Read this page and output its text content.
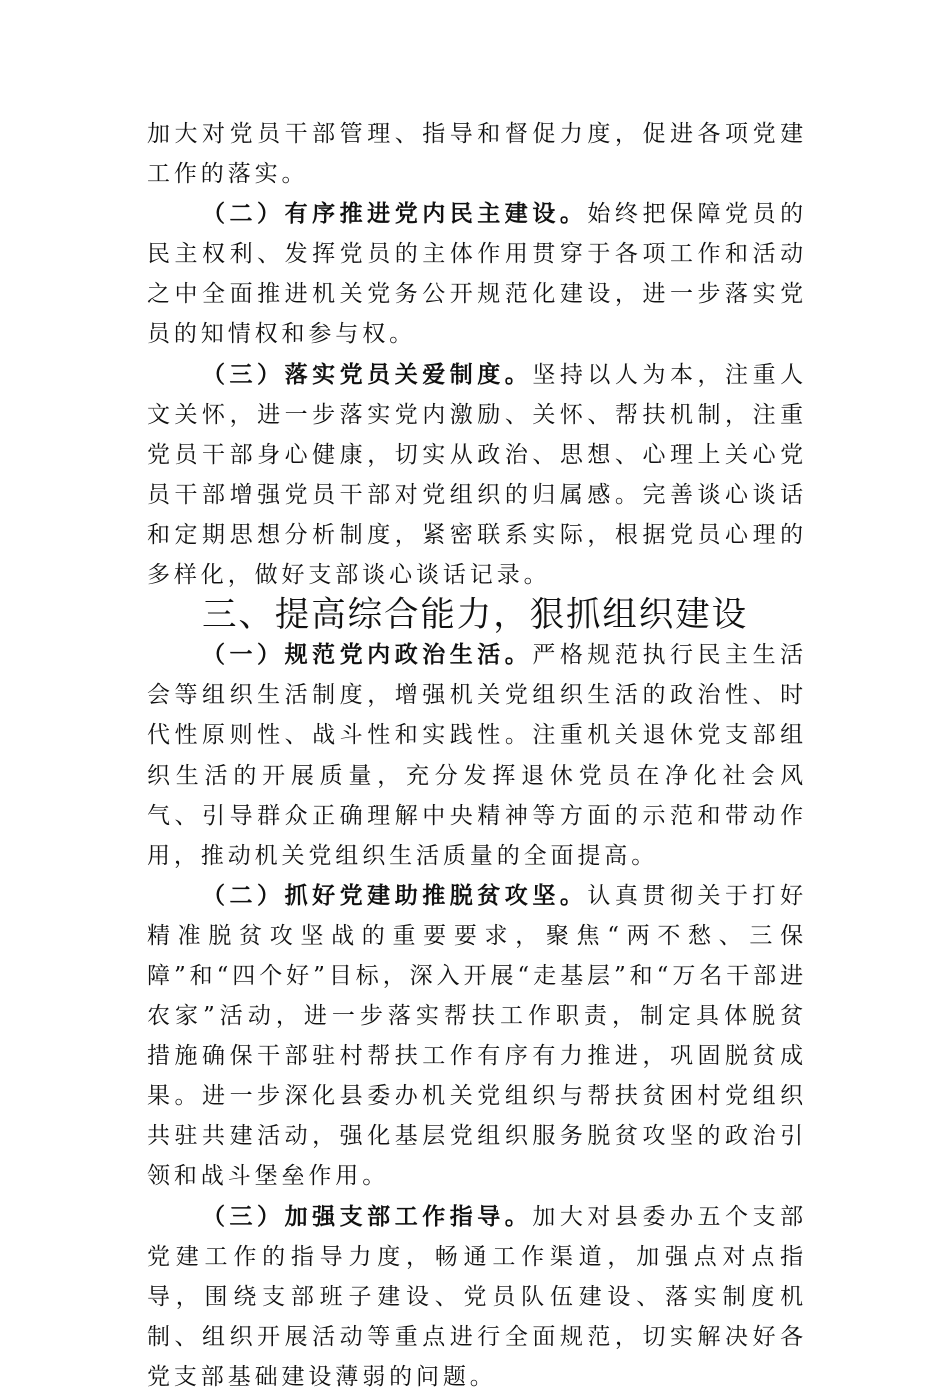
加大对党员干部管理、指导和督促力度，促进各项党建工作的落实。

（二）有序推进党内民主建设。始终把保障党员的民主权利、发挥党员的主体作用贯穿于各项工作和活动之中全面推进机关党务公开规范化建设，进一步落实党员的知情权和参与权。

（三）落实党员关爱制度。坚持以人为本，注重人文关怀，进一步落实党内激励、关怀、帮扶机制，注重党员干部身心健康，切实从政治、思想、心理上关心党员干部增强党员干部对党组织的归属感。完善谈心谈话和定期思想分析制度，紧密联系实际，根据党员心理的多样化，做好支部谈心谈话记录。

三、提高综合能力，狠抓组织建设

（一）规范党内政治生活。严格规范执行民主生活会等组织生活制度，增强机关党组织生活的政治性、时代性原则性、战斗性和实践性。注重机关退休党支部组织生活的开展质量，充分发挥退休党员在净化社会风气、引导群众正确理解中央精神等方面的示范和带动作用，推动机关党组织生活质量的全面提高。

（二）抓好党建助推脱贫攻坚。认真贯彻关于打好精准脱贫攻坚战的重要要求，聚焦“两不愁、三保障”和“四个好”目标，深入开展“走基层”和“万名干部进农家”活动，进一步落实帮扶工作职责，制定具体脱贫措施确保干部驻村帮扶工作有序有力推进，巩固脱贫成果。进一步深化县委办机关党组织与帮扶贫困村党组织共驻共建活动，强化基层党组织服务脱贫攻坚的政治引领和战斗堡垒作用。

（三）加强支部工作指导。加大对县委办五个支部党建工作的指导力度，畅通工作渠道，加强点对点指导，围绕支部班子建设、党员队伍建设、落实制度机制、组织开展活动等重点进行全面规范，切实解决好各党支部基础建设薄弱的问题。
